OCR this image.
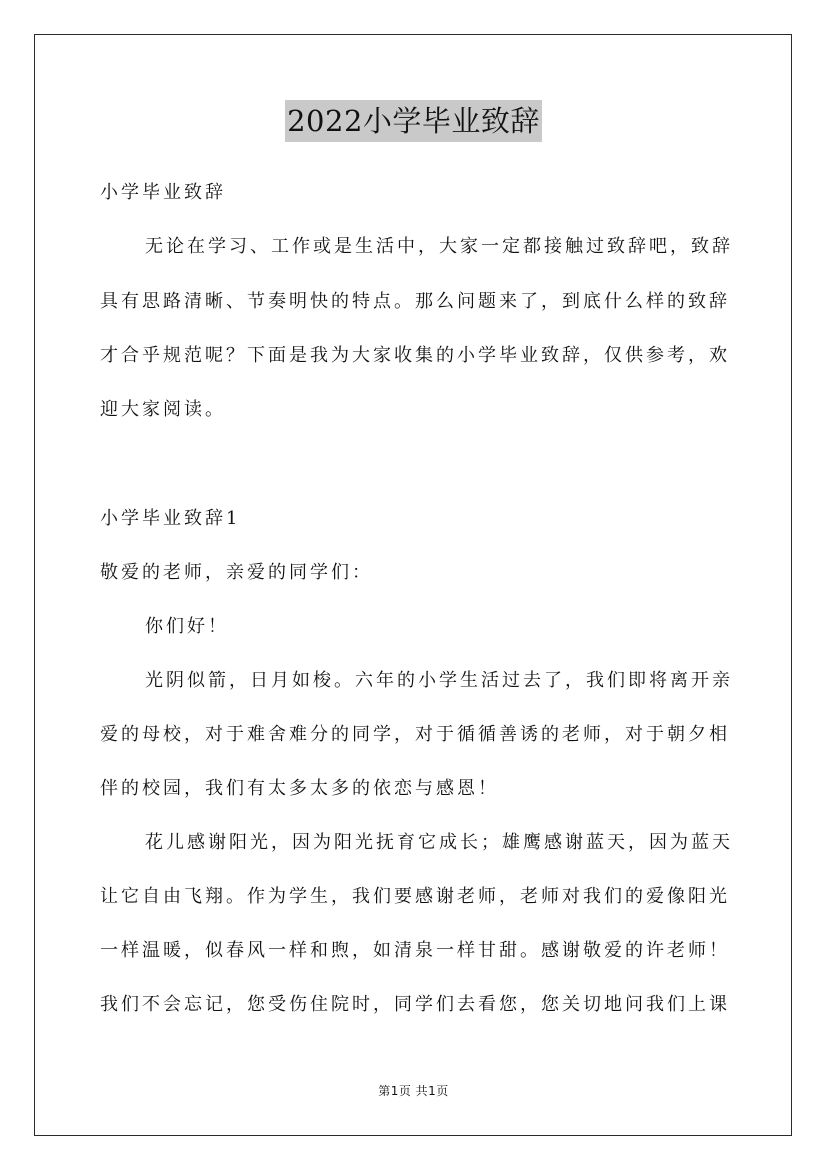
2022小学毕业致辞
小学毕业致辞
无论在学习、工作或是生活中，大家一定都接触过致辞吧，致辞
具有思路清晰、节奏明快的特点。那么问题来了，到底什么样的致辞
才合乎规范呢？下面是我为大家收集的小学毕业致辞，仅供参考，欢
迎大家阅读。
小学毕业致辞1
敬爱的老师，亲爱的同学们：
你们好！
光阴似箭，日月如梭。六年的小学生活过去了，我们即将离开亲
爱的母校，对于难舍难分的同学，对于循循善诱的老师，对于朝夕相
伴的校园，我们有太多太多的依恋与感恩！
花儿感谢阳光，因为阳光抚育它成长；雄鹰感谢蓝天，因为蓝天
让它自由飞翔。作为学生，我们要感谢老师，老师对我们的爱像阳光
一样温暖，似春风一样和煦，如清泉一样甘甜。感谢敬爱的许老师！
我们不会忘记，您受伤住院时，同学们去看您，您关切地问我们上课
第1页 共1页
